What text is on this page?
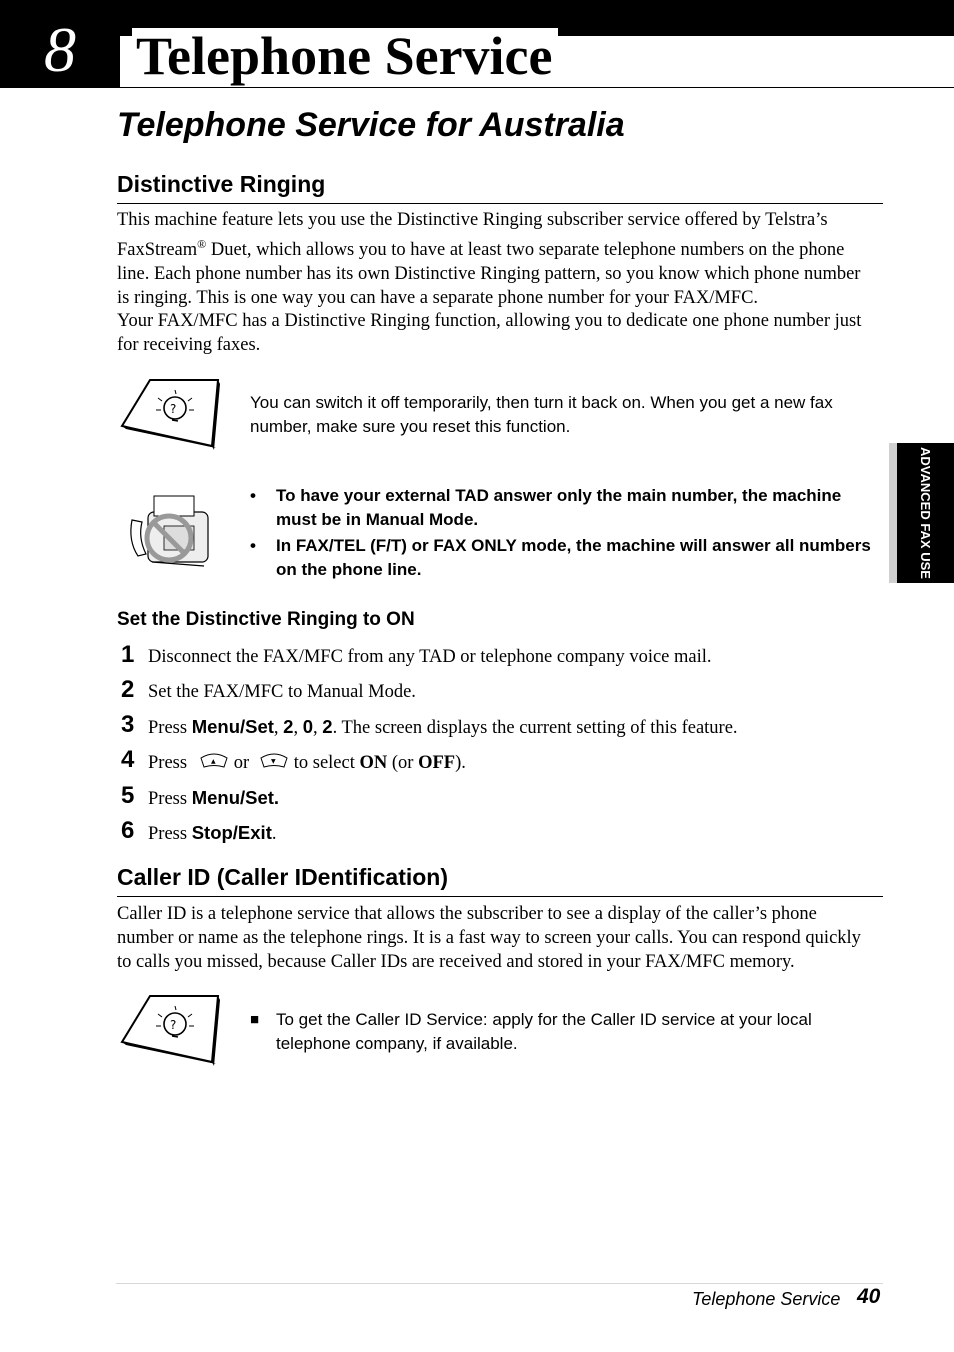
8	Telephone Service
Telephone Service for Australia
Distinctive Ringing
This machine feature lets you use the Distinctive Ringing subscriber service offered by Telstra’s
FaxStream® Duet, which allows you to have at least two separate telephone numbers on the phone
line. Each phone number has its own Distinctive Ringing pattern, so you know which phone number
is ringing. This is one way you can have a separate phone number for your FAX/MFC.
Your FAX/MFC has a Distinctive Ringing function, allowing you to dedicate one phone number just
for receiving faxes.
?	You can switch it off temporarily, then turn it back on. When you get a new fax
number, make sure you reset this function.
• To have your external TAD answer only the main number, the machine
must be in Manual Mode.
• In FAX/TEL (F/T) or FAX ONLY mode, the machine will answer all numbers
on the phone line.	ADVANCED FAX USE
Set the Distinctive Ringing to ON
1 Disconnect the FAX/MFC from any TAD or telephone company voice mail.
2 Set the FAX/MFC to Manual Mode.
3 Press Menu/Set, 2, 0, 2. The screen displays the current setting of this feature.
4 Press	▲ or	▼ to select ON (or OFF).
5 Press Menu/Set.
6 Press Stop/Exit.
Caller ID (Caller IDentification)
Caller ID is a telephone service that allows the subscriber to see a display of the caller’s phone
number or name as the telephone rings. It is a fast way to screen your calls. You can respond quickly
to calls you missed, because Caller IDs are received and stored in your FAX/MFC memory.
?	■ To get the Caller ID Service: apply for the Caller ID service at your local
telephone company, if available.
Telephone Service 40
